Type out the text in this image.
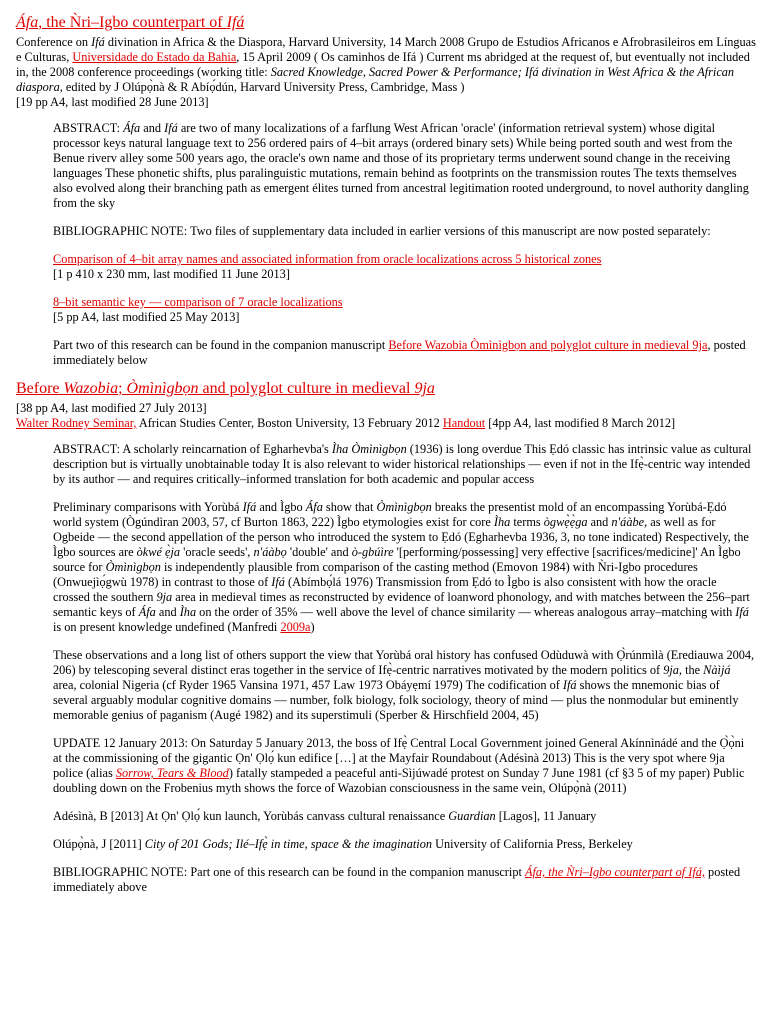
Áfa, the Ǹri–Igbo counterpart of Ifá

Conference on Ifá divination in Africa & the Diaspora, Harvard University, 14 March 2008 Grupo de Estudios Africanos e Afrobrasileiros em Línguas e Culturas, Universidade do Estado da Bahia, 15 April 2009 ( Os caminhos de Ifá ) Current ms abridged at the request of, but eventually not included in, the 2008 conference proceedings (working title: Sacred Knowledge, Sacred Power & Performance; Ifá divination in West Africa & the African diaspora, edited by J Olúpọ̀nà & R Abíọ́dún, Harvard University Press, Cambridge, Mass )

[19 pp A4, last modified 28 June 2013]

ABSTRACT: Áfa and Ifá are two of many localizations of a farflung West African 'oracle' (information retrieval system) whose digital processor keys natural language text to 256 ordered pairs of 4–bit arrays (ordered binary sets) While being ported south and west from the Benue riverv alley some 500 years ago, the oracle's own name and those of its proprietary terms underwent sound change in the receiving languages These phonetic shifts, plus paralinguistic mutations, remain behind as footprints on the transmission routes The texts themselves also evolved along their branching path as emergent élites turned from ancestral legitimation rooted underground, to novel authority dangling from the sky

BIBLIOGRAPHIC NOTE: Two files of supplementary data included in earlier versions of this manuscript are now posted separately:

Comparison of 4–bit array names and associated information from oracle localizations across 5 historical zones

[1 p 410 x 230 mm, last modified 11 June 2013]

8–bit semantic key — comparison of 7 oracle localizations

[5 pp A4, last modified 25 May 2013]

Part two of this research can be found in the companion manuscript Before Wazobia Òmìnìgbọn and polyglot culture in medieval 9ja, posted immediately below

Before Wazobia; Òmìnìgbọn and polyglot culture in medieval 9ja

[38 pp A4, last modified 27 July 2013]

Walter Rodney Seminar, African Studies Center, Boston University, 13 February 2012 Handout [4pp A4, last modified 8 March 2012]

ABSTRACT: A scholarly reincarnation of Egharhevba's Ìha Òmìnìgbọn (1936) is long overdue This Ẹdó classic has intrinsic value as cultural description but is virtually unobtainable today It is also relevant to wider historical relationships — even if not in the Ifẹ̀-centric way intended by its author — and requires critically–informed translation for both academic and popular access

Preliminary comparisons with Yorùbá Ifá and Ìgbo Áfa show that Òmìnìgbọn breaks the presentist mold of an encompassing Yorùbá-Ẹdó world system (Ògúndìran 2003, 57, cf Burton 1863, 222) Ìgbo etymologies exist for core Ìha terms ògwẹ̀ẹ̀ga and n'áàbe, as well as for Ogbeide — the second appellation of the person who introduced the system to Ẹdó (Egharhevba 1936, 3, no tone indicated) Respectively, the Ìgbo sources are òkwé ẹ̀ja 'oracle seeds', n'áàbọ 'double' and ò-gbúìre '[performing/possessing] very effective [sacrifices/medicine]' An Ìgbo source for Òmìnìgbọn is independently plausible from comparison of the casting method (Emovon 1984) with Ǹri-Igbo procedures (Onwuejìọ́gwù 1978) in contrast to those of Ifá (Abímbọ́lá 1976) Transmission from Ẹdó to Ìgbo is also consistent with how the oracle crossed the southern 9ja area in medieval times as reconstructed by evidence of loanword phonology, and with matches between the 256–part semantic keys of Áfa and Ìha on the order of 35% — well above the level of chance similarity — whereas analogous array–matching with Ifá is on present knowledge undefined (Manfredi 2009a)

These observations and a long list of others support the view that Yorùbá oral history has confused Odùduwà with Ọ̀rúnmìlà (Erediauwa 2004, 206) by telescoping several distinct eras together in the service of Ifẹ̀-centric narratives motivated by the modern politics of 9ja, the Nàìjá area, colonial Nigeria (cf Ryder 1965 Vansina 1971, 457 Law 1973 Obáyẹmí 1979) The codification of Ifá shows the mnemonic bias of several arguably modular cognitive domains — number, folk biology, folk sociology, theory of mind — plus the nonmodular but eminently memorable genius of paganism (Augé 1982) and its superstimuli (Sperber & Hirschfield 2004, 45)

UPDATE 12 January 2013: On Saturday 5 January 2013, the boss of Ifẹ̀ Central Local Government joined General Akínnìnádé and the Ọ̀ọ̀ni at the commissioning of the gigantic Ọn' Ọlọ́ kun edifice […] at the Mayfair Roundabout (Adésìnà 2013) This is the very spot where 9ja police (alias Sorrow, Tears & Blood) fatally stampeded a peaceful anti-Sìjúwadé protest on Sunday 7 June 1981 (cf §3 5 of my paper) Public doubling down on the Frobenius myth shows the force of Wazobian consciousness in the same vein, Olúpọ̀nà (2011)

Adésìnà, B [2013] At Ọn' Ọlọ́ kun launch, Yorùbás canvass cultural renaissance Guardian [Lagos], 11 January

Olúpọ̀nà, J [2011] City of 201 Gods; Ilé–Ifẹ̀ in time, space & the imagination University of California Press, Berkeley

BIBLIOGRAPHIC NOTE: Part one of this research can be found in the companion manuscript Áfa, the Ǹri–Igbo counterpart of Ifá, posted immediately above
